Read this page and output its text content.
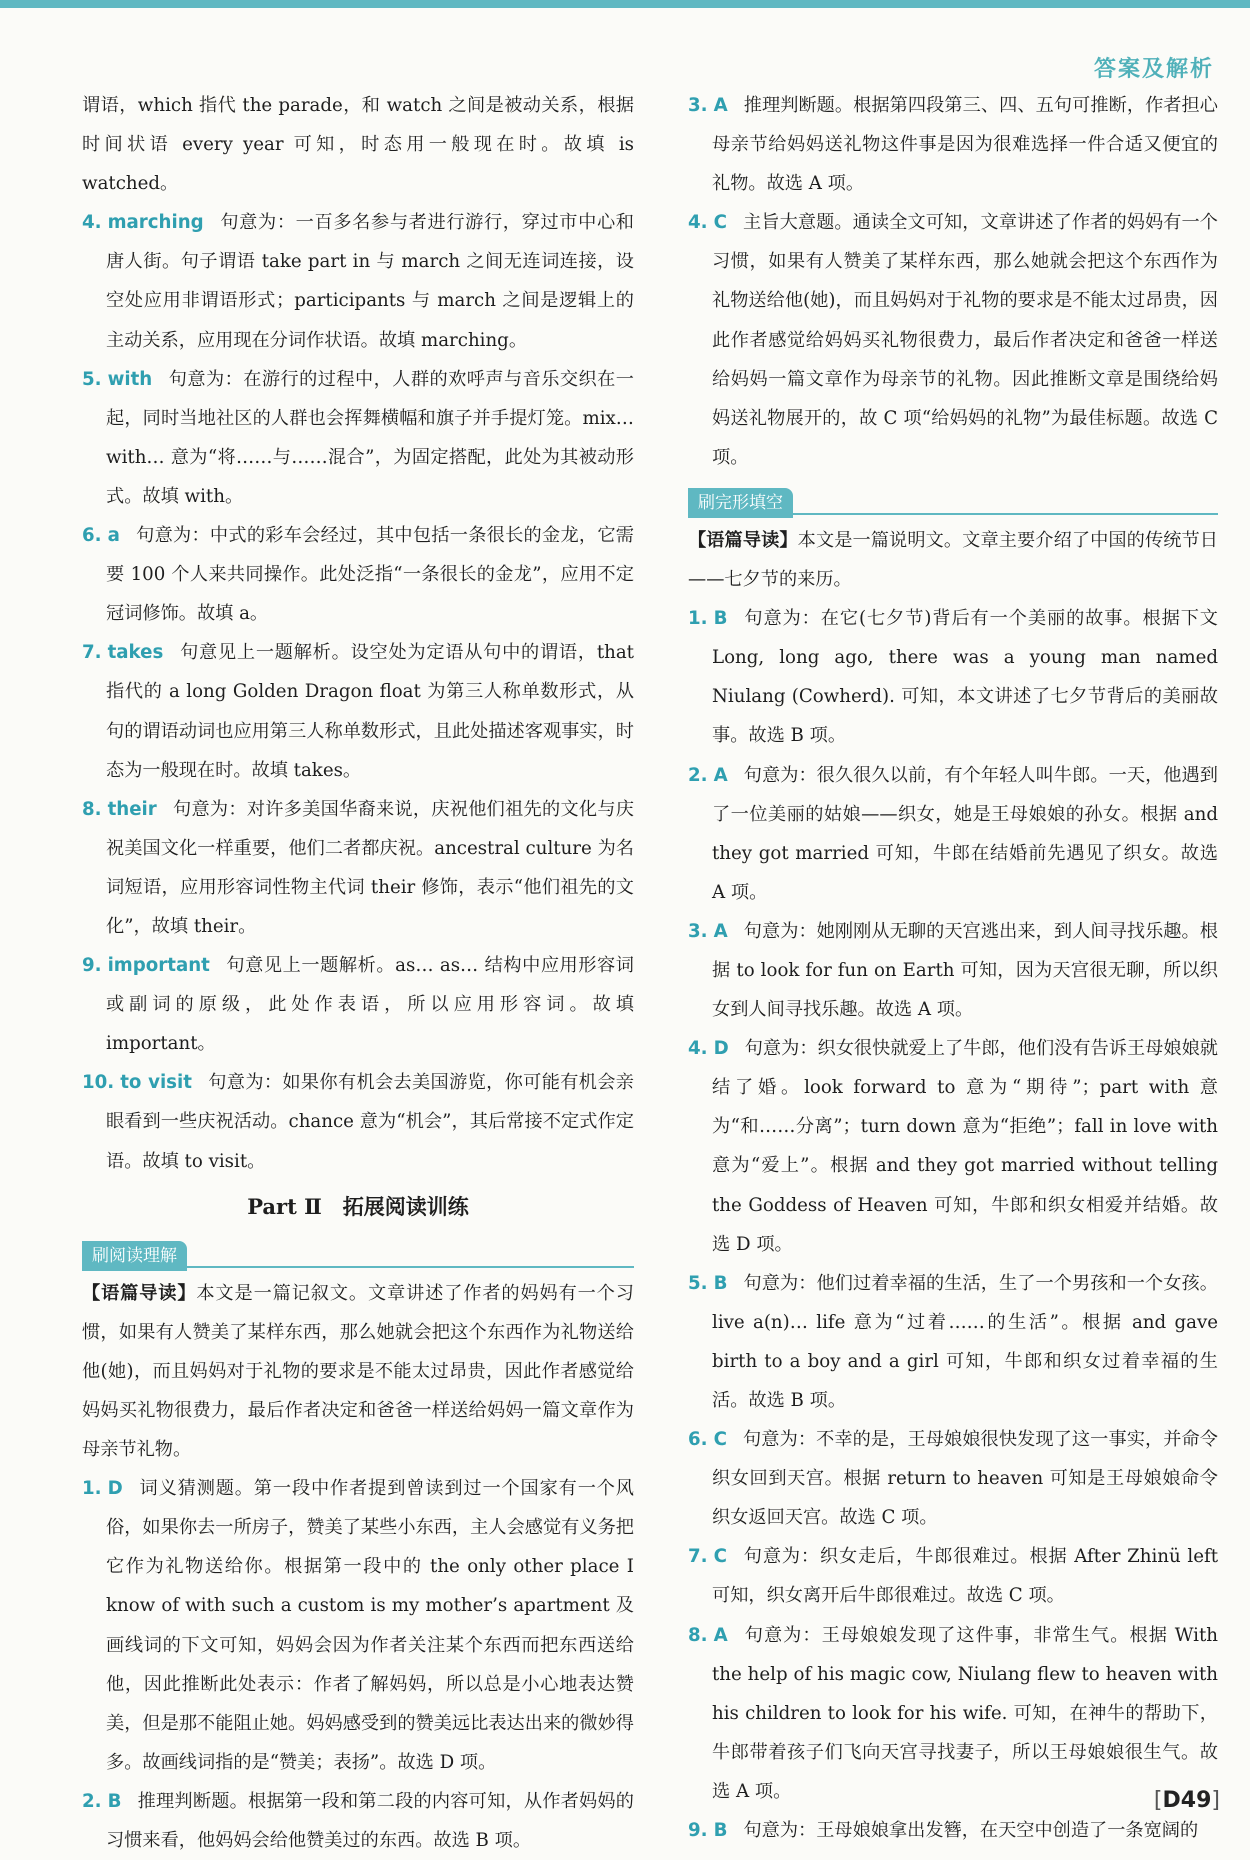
答案及解析

谓语，which 指代 the parade，和 watch 之间是被动关系，根据时间状语 every year 可知，时态用一般现在时。故填 is watched。

4. marching 句意为：一百多名参与者进行游行，穿过市中心和唐人街。句子谓语 take part in 与 march 之间无连词连接，设空处应用非谓语形式；participants 与 march 之间是逻辑上的主动关系，应用现在分词作状语。故填 marching。

5. with 句意为：在游行的过程中，人群的欢呼声与音乐交织在一起，同时当地社区的人群也会挥舞横幅和旗子并手提灯笼。mix… with… 意为“将……与……混合”，为固定搭配，此处为其被动形式。故填 with。

6. a 句意为：中式的彩车会经过，其中包括一条很长的金龙，它需要 100 个人来共同操作。此处泛指“一条很长的金龙”，应用不定冠词修饰。故填 a。

7. takes 句意见上一题解析。设空处为定语从句中的谓语，that 指代的 a long Golden Dragon float 为第三人称单数形式，从句的谓语动词也应用第三人称单数形式，且此处描述客观事实，时态为一般现在时。故填 takes。

8. their 句意为：对许多美国华裔来说，庆祝他们祖先的文化与庆祝美国文化一样重要，他们二者都庆祝。ancestral culture 为名词短语，应用形容词性物主代词 their 修饰，表示“他们祖先的文化”，故填 their。

9. important 句意见上一题解析。as… as… 结构中应用形容词或副词的原级，此处作表语，所以应用形容词。故填 important。

10. to visit 句意为：如果你有机会去美国游览，你可能有机会亲眼看到一些庆祝活动。chance 意为“机会”，其后常接不定式作定语。故填 to visit。

Part Ⅱ　拓展阅读训练
刷阅读理解

【语篇导读】本文是一篇记叙文。文章讲述了作者的妈妈有一个习惯，如果有人赞美了某样东西，那么她就会把这个东西作为礼物送给他(她)，而且妈妈对于礼物的要求是不能太过昂贵，因此作者感觉给妈妈买礼物很费力，最后作者决定和爸爸一样送给妈妈一篇文章作为母亲节礼物。

1. D 词义猜测题。第一段中作者提到曾读到过一个国家有一个风俗，如果你去一所房子，赞美了某些小东西，主人会感觉有义务把它作为礼物送给你。根据第一段中的 the only other place I know of with such a custom is my mother’s apartment 及画线词的下文可知，妈妈会因为作者关注某个东西而把东西送给他，因此推断此处表示：作者了解妈妈，所以总是小心地表达赞美，但是那不能阻止她。妈妈感受到的赞美远比表达出来的微妙得多。故画线词指的是“赞美；表扬”。故选 D 项。

2. B 推理判断题。根据第一段和第二段的内容可知，从作者妈妈的习惯来看，他妈妈会给他赞美过的东西。故选 B 项。

3. A 推理判断题。根据第四段第三、四、五句可推断，作者担心母亲节给妈妈送礼物这件事是因为很难选择一件合适又便宜的礼物。故选 A 项。

4. C 主旨大意题。通读全文可知，文章讲述了作者的妈妈有一个习惯，如果有人赞美了某样东西，那么她就会把这个东西作为礼物送给他(她)，而且妈妈对于礼物的要求是不能太过昂贵，因此作者感觉给妈妈买礼物很费力，最后作者决定和爸爸一样送给妈妈一篇文章作为母亲节的礼物。因此推断文章是围绕给妈妈送礼物展开的，故 C 项“给妈妈的礼物”为最佳标题。故选 C 项。

刷完形填空

【语篇导读】本文是一篇说明文。文章主要介绍了中国的传统节日——七夕节的来历。

1. B 句意为：在它(七夕节)背后有一个美丽的故事。根据下文 Long, long ago, there was a young man named Niulang (Cowherd). 可知，本文讲述了七夕节背后的美丽故事。故选 B 项。

2. A 句意为：很久很久以前，有个年轻人叫牛郎。一天，他遇到了一位美丽的姑娘——织女，她是王母娘娘的孙女。根据 and they got married 可知，牛郎在结婚前先遇见了织女。故选 A 项。

3. A 句意为：她刚刚从无聊的天宫逃出来，到人间寻找乐趣。根据 to look for fun on Earth 可知，因为天宫很无聊，所以织女到人间寻找乐趣。故选 A 项。

4. D 句意为：织女很快就爱上了牛郎，他们没有告诉王母娘娘就结了婚。look forward to 意为“期待”；part with 意为“和……分离”；turn down 意为“拒绝”；fall in love with 意为“爱上”。根据 and they got married without telling the Goddess of Heaven 可知，牛郎和织女相爱并结婚。故选 D 项。

5. B 句意为：他们过着幸福的生活，生了一个男孩和一个女孩。live a(n)… life 意为“过着……的生活”。根据 and gave birth to a boy and a girl 可知，牛郎和织女过着幸福的生活。故选 B 项。

6. C 句意为：不幸的是，王母娘娘很快发现了这一事实，并命令织女回到天宫。根据 return to heaven 可知是王母娘娘命令织女返回天宫。故选 C 项。

7. C 句意为：织女走后，牛郎很难过。根据 After Zhinü left 可知，织女离开后牛郎很难过。故选 C 项。

8. A 句意为：王母娘娘发现了这件事，非常生气。根据 With the help of his magic cow, Niulang flew to heaven with his children to look for his wife. 可知，在神牛的帮助下，牛郎带着孩子们飞向天宫寻找妻子，所以王母娘娘很生气。故选 A 项。

9. B 句意为：王母娘娘拿出发簪，在天空中创造了一条宽阔的

[D49]
